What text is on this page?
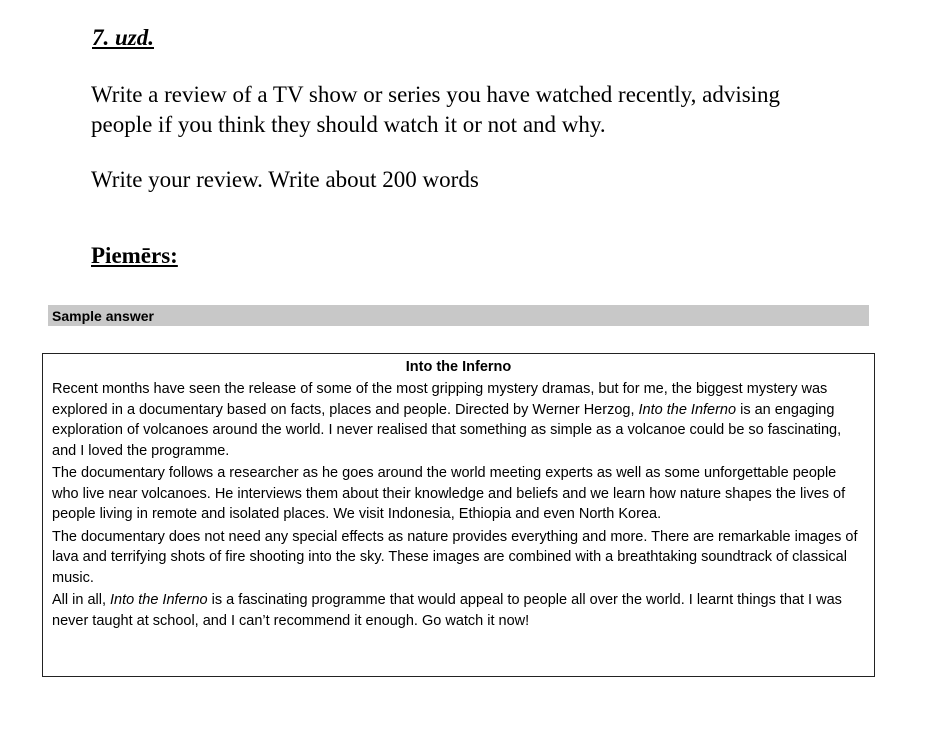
7. uzd.

Write a review of a TV show or series you have watched recently, advising people if you think they should watch it or not and why.

Write your review. Write about 200 words

Piemērs:

Sample answer
Into the Inferno

Recent months have seen the release of some of the most gripping mystery dramas, but for me, the biggest mystery was explored in a documentary based on facts, places and people. Directed by Werner Herzog, Into the Inferno is an engaging exploration of volcanoes around the world. I never realised that something as simple as a volcanoe could be so fascinating, and I loved the programme.

The documentary follows a researcher as he goes around the world meeting experts as well as some unforgettable people who live near volcanoes. He interviews them about their knowledge and beliefs and we learn how nature shapes the lives of people living in remote and isolated places. We visit Indonesia, Ethiopia and even North Korea.

The documentary does not need any special effects as nature provides everything and more. There are remarkable images of lava and terrifying shots of fire shooting into the sky. These images are combined with a breathtaking soundtrack of classical music.

All in all, Into the Inferno is a fascinating programme that would appeal to people all over the world. I learnt things that I was never taught at school, and I can’t recommend it enough. Go watch it now!
